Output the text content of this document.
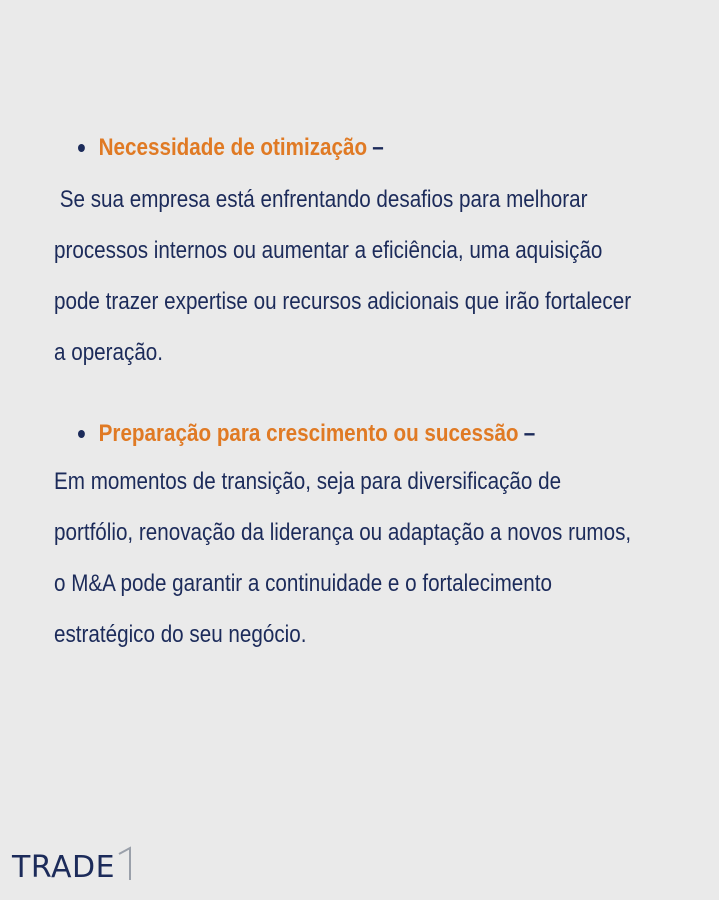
Necessidade de otimização –
Se sua empresa está enfrentando desafios para melhorar
processos internos ou aumentar a eficiência, uma aquisição
pode trazer expertise ou recursos adicionais que irão fortalecer
a operação.
Preparação para crescimento ou sucessão –
Em momentos de transição, seja para diversificação de
portfólio, renovação da liderança ou adaptação a novos rumos,
o M&A pode garantir a continuidade e o fortalecimento
estratégico do seu negócio.
TRADE
